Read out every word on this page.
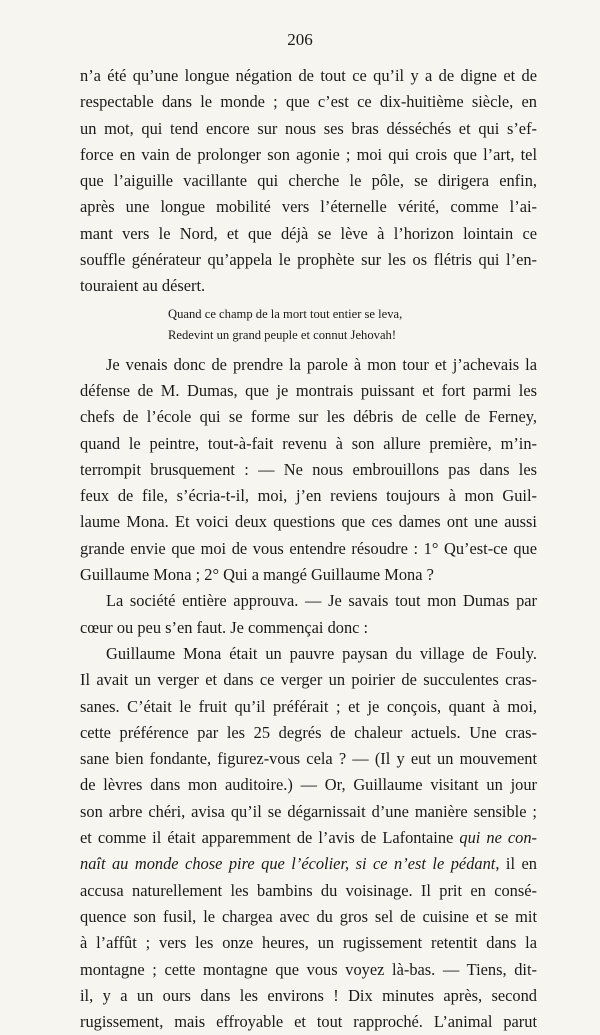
206

n’a été qu’une longue négation de tout ce qu’il y a de digne et de
respectable dans le monde ; que c’est ce dix-huitième siècle, en
un mot, qui tend encore sur nous ses bras désséchés et qui s’ef-
force en vain de prolonger son agonie ; moi qui crois que l’art, tel
que l’aiguille vacillante qui cherche le pôle, se dirigera enfin,
après une longue mobilité vers l’éternelle vérité, comme l’ai-
mant vers le Nord, et que déjà se lève à l’horizon lointain ce
souffle générateur qu’appela le prophète sur les os flétris qui l’en-
touraient au désert.

Quand ce champ de la mort tout entier se leva,
Redevint un grand peuple et connut Jehovah!

Je venais donc de prendre la parole à mon tour et j’achevais la
défense de M. Dumas, que je montrais puissant et fort parmi les
chefs de l’école qui se forme sur les débris de celle de Ferney,
quand le peintre, tout-à-fait revenu à son allure première, m’in-
terrompit brusquement : — Ne nous embrouillons pas dans les
feux de file, s’écria-t-il, moi, j’en reviens toujours à mon Guil-
laume Mona. Et voici deux questions que ces dames ont une aussi
grande envie que moi de vous entendre résoudre : 1° Qu’est-ce que
Guillaume Mona ; 2° Qui a mangé Guillaume Mona ?

La société entière approuva. — Je savais tout mon Dumas par
cœur ou peu s’en faut. Je commençai donc :

Guillaume Mona était un pauvre paysan du village de Fouly.
Il avait un verger et dans ce verger un poirier de succulentes cras-
sanes. C’était le fruit qu’il préférait ; et je conçois, quant à moi,
cette préférence par les 25 degrés de chaleur actuels. Une cras-
sane bien fondante, figurez-vous cela ? — (Il y eut un mouvement
de lèvres dans mon auditoire.) — Or, Guillaume visitant un jour
son arbre chéri, avisa qu’il se dégarnissait d’une manière sensible ;
et comme il était apparemment de l’avis de Lafontaine qui ne con-
naît au monde chose pire que l’écolier, si ce n’est le pédant, il en
accusa naturellement les bambins du voisinage. Il prit en consé-
quence son fusil, le chargea avec du gros sel de cuisine et se mit
à l’affût ; vers les onze heures, un rugissement retentit dans la
montagne ; cette montagne que vous voyez là-bas. — Tiens, dit-
il, y a un ours dans les environs ! Dix minutes après, second
rugissement, mais effroyable et tout rapproché. L’animal parut
